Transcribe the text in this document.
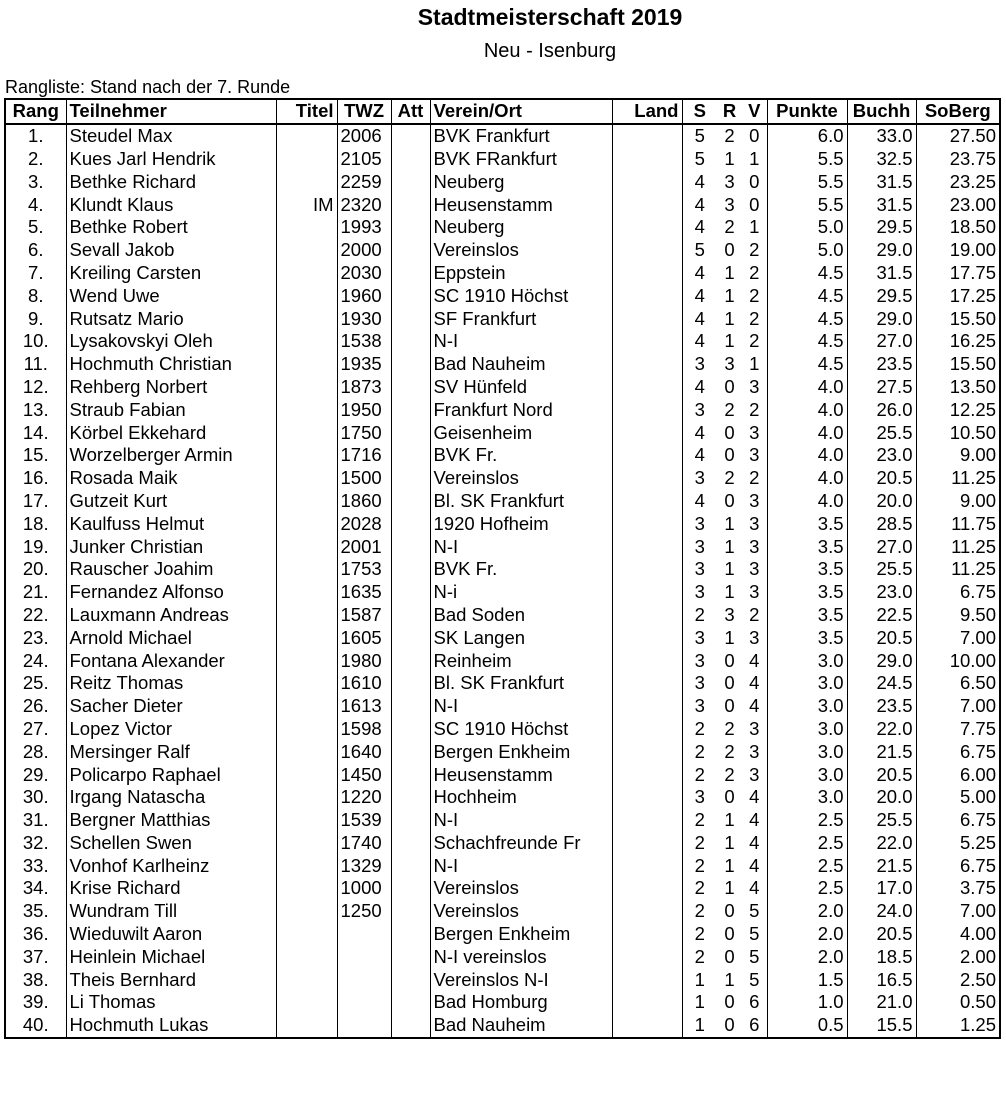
Stadtmeisterschaft 2019
Neu - Isenburg
Rangliste: Stand nach der 7. Runde
Rang	Teilnehmer	Titel	TWZ	Att	Verein/Ort	Land	S	R	V	Punkte	Buchh	SoBerg
1.	Steudel Max		2006		BVK Frankfurt		5	2	0	6.0	33.0	27.50
2.	Kues Jarl Hendrik		2105		BVK FRankfurt		5	1	1	5.5	32.5	23.75
3.	Bethke Richard		2259		Neuberg		4	3	0	5.5	31.5	23.25
4.	Klundt Klaus	IM	2320		Heusenstamm		4	3	0	5.5	31.5	23.00
5.	Bethke Robert		1993		Neuberg		4	2	1	5.0	29.5	18.50
6.	Sevall Jakob		2000		Vereinslos		5	0	2	5.0	29.0	19.00
7.	Kreiling Carsten		2030		Eppstein		4	1	2	4.5	31.5	17.75
8.	Wend Uwe		1960		SC 1910 Höchst		4	1	2	4.5	29.5	17.25
9.	Rutsatz Mario		1930		SF Frankfurt		4	1	2	4.5	29.0	15.50
10.	Lysakovskyi Oleh		1538		N-I		4	1	2	4.5	27.0	16.25
11.	Hochmuth Christian		1935		Bad Nauheim		3	3	1	4.5	23.5	15.50
12.	Rehberg Norbert		1873		SV Hünfeld		4	0	3	4.0	27.5	13.50
13.	Straub Fabian		1950		Frankfurt Nord		3	2	2	4.0	26.0	12.25
14.	Körbel Ekkehard		1750		Geisenheim		4	0	3	4.0	25.5	10.50
15.	Worzelberger Armin		1716		BVK Fr.		4	0	3	4.0	23.0	9.00
16.	Rosada Maik		1500		Vereinslos		3	2	2	4.0	20.5	11.25
17.	Gutzeit Kurt		1860		Bl. SK Frankfurt		4	0	3	4.0	20.0	9.00
18.	Kaulfuss Helmut		2028		1920 Hofheim		3	1	3	3.5	28.5	11.75
19.	Junker Christian		2001		N-I		3	1	3	3.5	27.0	11.25
20.	Rauscher Joahim		1753		BVK Fr.		3	1	3	3.5	25.5	11.25
21.	Fernandez Alfonso		1635		N-i		3	1	3	3.5	23.0	6.75
22.	Lauxmann Andreas		1587		Bad Soden		2	3	2	3.5	22.5	9.50
23.	Arnold Michael		1605		SK Langen		3	1	3	3.5	20.5	7.00
24.	Fontana Alexander		1980		Reinheim		3	0	4	3.0	29.0	10.00
25.	Reitz Thomas		1610		Bl. SK Frankfurt		3	0	4	3.0	24.5	6.50
26.	Sacher Dieter		1613		N-I		3	0	4	3.0	23.5	7.00
27.	Lopez Victor		1598		SC 1910 Höchst		2	2	3	3.0	22.0	7.75
28.	Mersinger Ralf		1640		Bergen Enkheim		2	2	3	3.0	21.5	6.75
29.	Policarpo Raphael		1450		Heusenstamm		2	2	3	3.0	20.5	6.00
30.	Irgang Natascha		1220		Hochheim		3	0	4	3.0	20.0	5.00
31.	Bergner Matthias		1539		N-I		2	1	4	2.5	25.5	6.75
32.	Schellen Swen		1740		Schachfreunde Fr		2	1	4	2.5	22.0	5.25
33.	Vonhof Karlheinz		1329		N-I		2	1	4	2.5	21.5	6.75
34.	Krise Richard		1000		Vereinslos		2	1	4	2.5	17.0	3.75
35.	Wundram Till		1250		Vereinslos		2	0	5	2.0	24.0	7.00
36.	Wieduwilt Aaron				Bergen Enkheim		2	0	5	2.0	20.5	4.00
37.	Heinlein Michael				N-I vereinslos		2	0	5	2.0	18.5	2.00
38.	Theis Bernhard				Vereinslos N-I		1	1	5	1.5	16.5	2.50
39.	Li Thomas				Bad Homburg		1	0	6	1.0	21.0	0.50
40.	Hochmuth Lukas				Bad Nauheim		1	0	6	0.5	15.5	1.25
